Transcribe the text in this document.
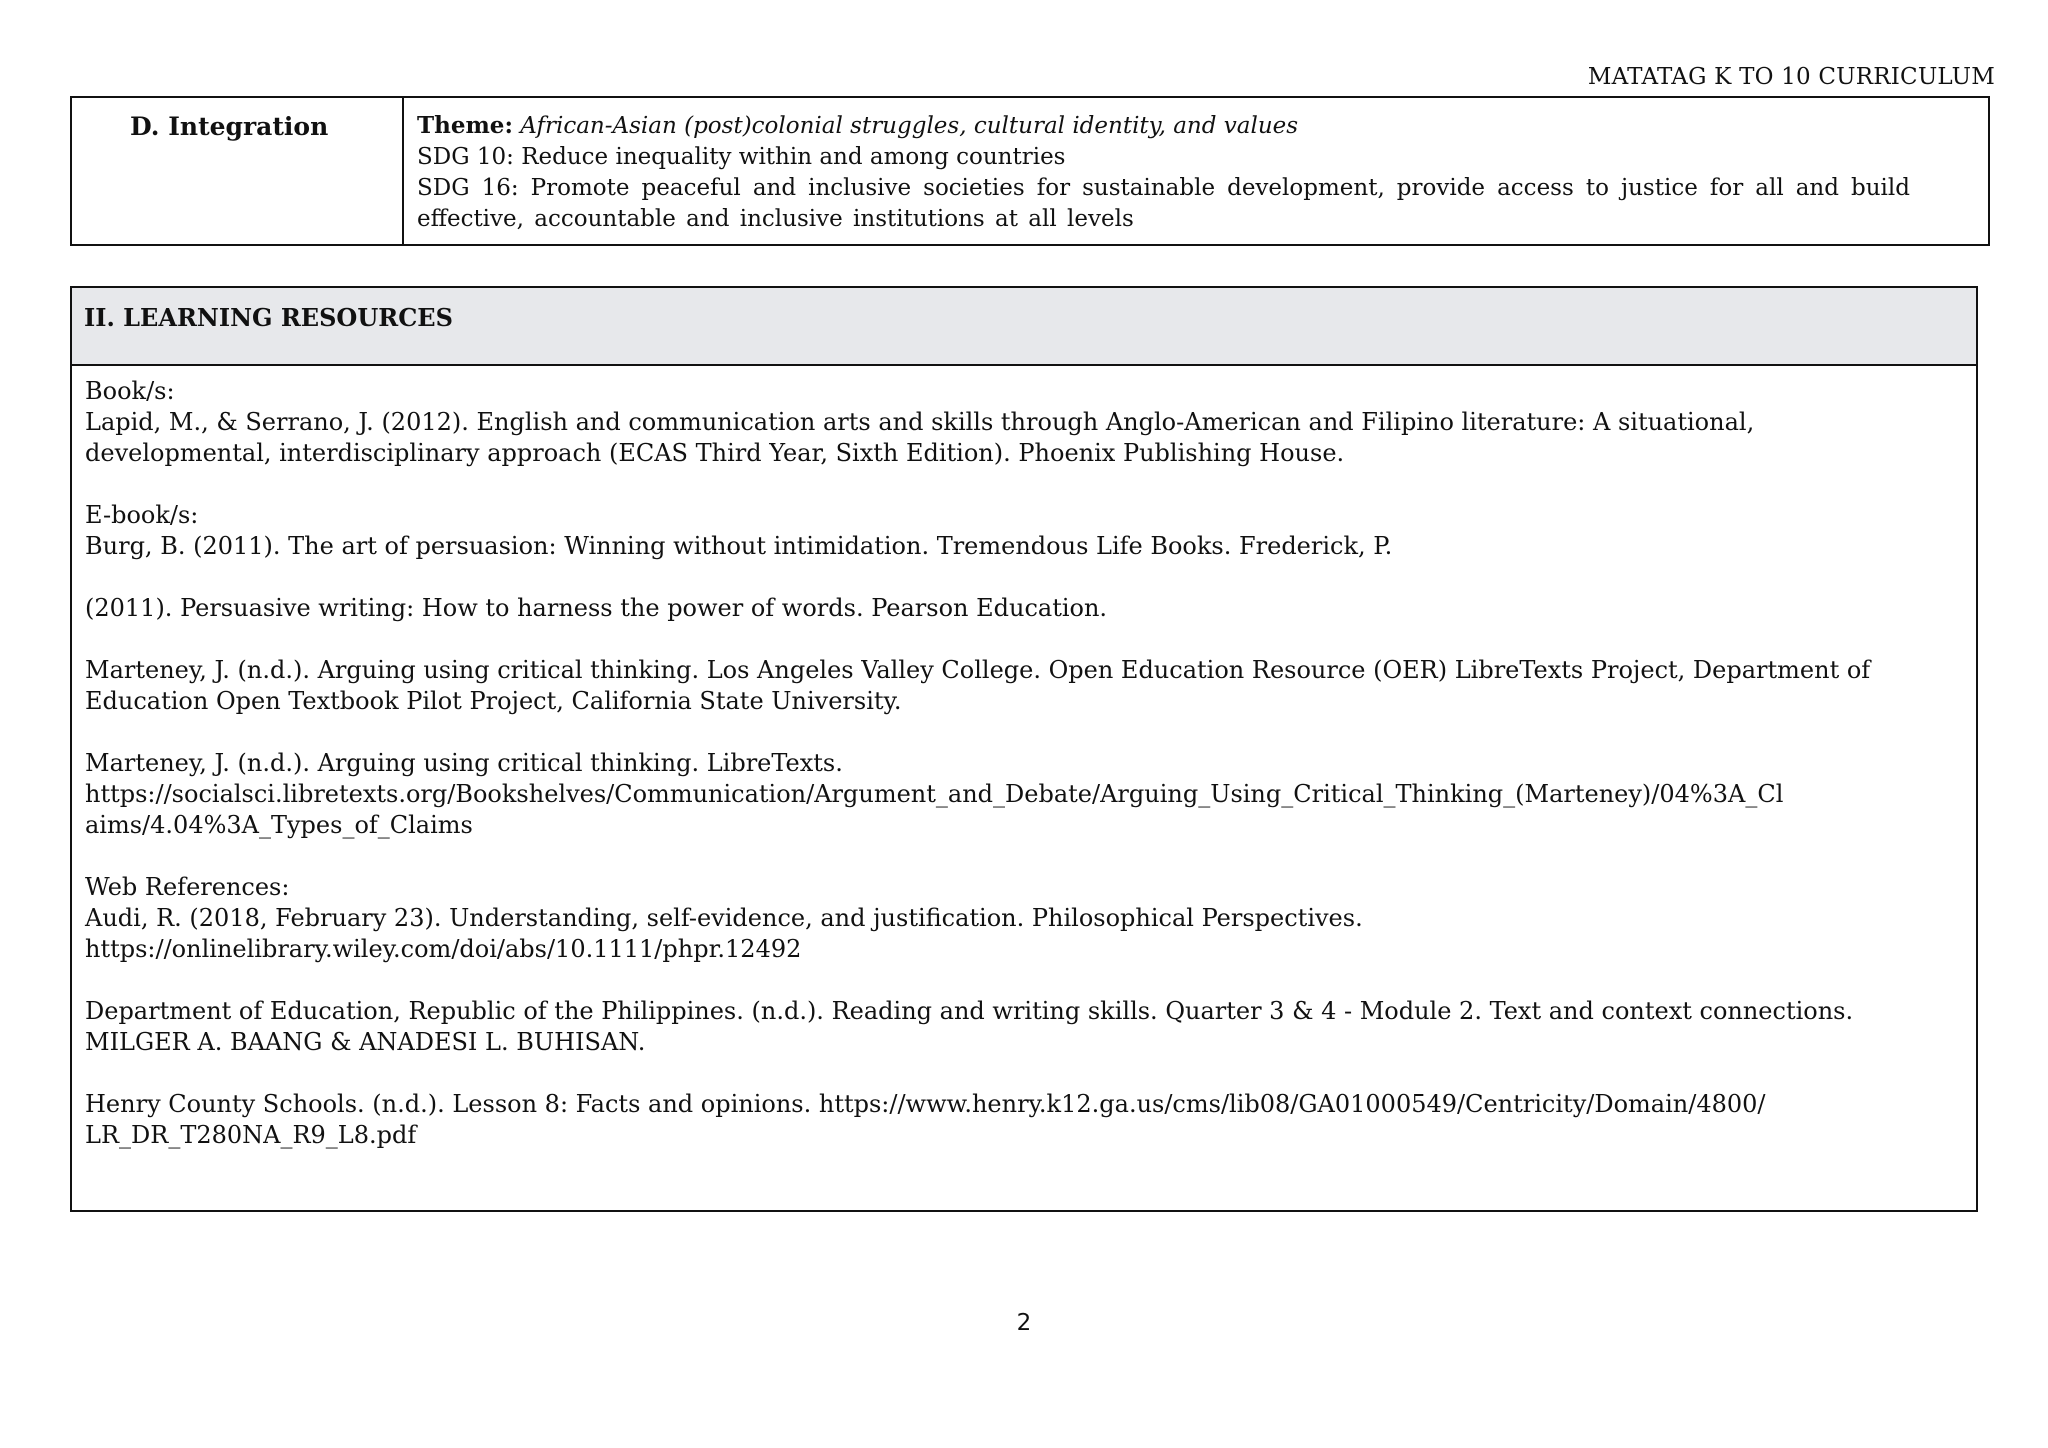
MATATAG K TO 10 CURRICULUM
D. Integration	Theme: African-Asian (post)colonial struggles, cultural identity, and values
SDG 10: Reduce inequality within and among countries
SDG 16: Promote peaceful and inclusive societies for sustainable development, provide access to justice for all and build effective, accountable and inclusive institutions at all levels
II. LEARNING RESOURCES

Book/s:
Lapid, M., & Serrano, J. (2012). English and communication arts and skills through Anglo-American and Filipino literature: A situational,
developmental, interdisciplinary approach (ECAS Third Year, Sixth Edition). Phoenix Publishing House.

E-book/s:
Burg, B. (2011). The art of persuasion: Winning without intimidation. Tremendous Life Books. Frederick, P.

(2011). Persuasive writing: How to harness the power of words. Pearson Education.

Marteney, J. (n.d.). Arguing using critical thinking. Los Angeles Valley College. Open Education Resource (OER) LibreTexts Project, Department of
Education Open Textbook Pilot Project, California State University.

Marteney, J. (n.d.). Arguing using critical thinking. LibreTexts.
https://socialsci.libretexts.org/Bookshelves/Communication/Argument_and_Debate/Arguing_Using_Critical_Thinking_(Marteney)/04%3A_Cl
aims/4.04%3A_Types_of_Claims

Web References:
Audi, R. (2018, February 23). Understanding, self-evidence, and justification. Philosophical Perspectives.
https://onlinelibrary.wiley.com/doi/abs/10.1111/phpr.12492

Department of Education, Republic of the Philippines. (n.d.). Reading and writing skills. Quarter 3 & 4 - Module 2. Text and context connections.
MILGER A. BAANG & ANADESI L. BUHISAN.

Henry County Schools. (n.d.). Lesson 8: Facts and opinions. https://www.henry.k12.ga.us/cms/lib08/GA01000549/Centricity/Domain/4800/
LR_DR_T280NA_R9_L8.pdf

2
